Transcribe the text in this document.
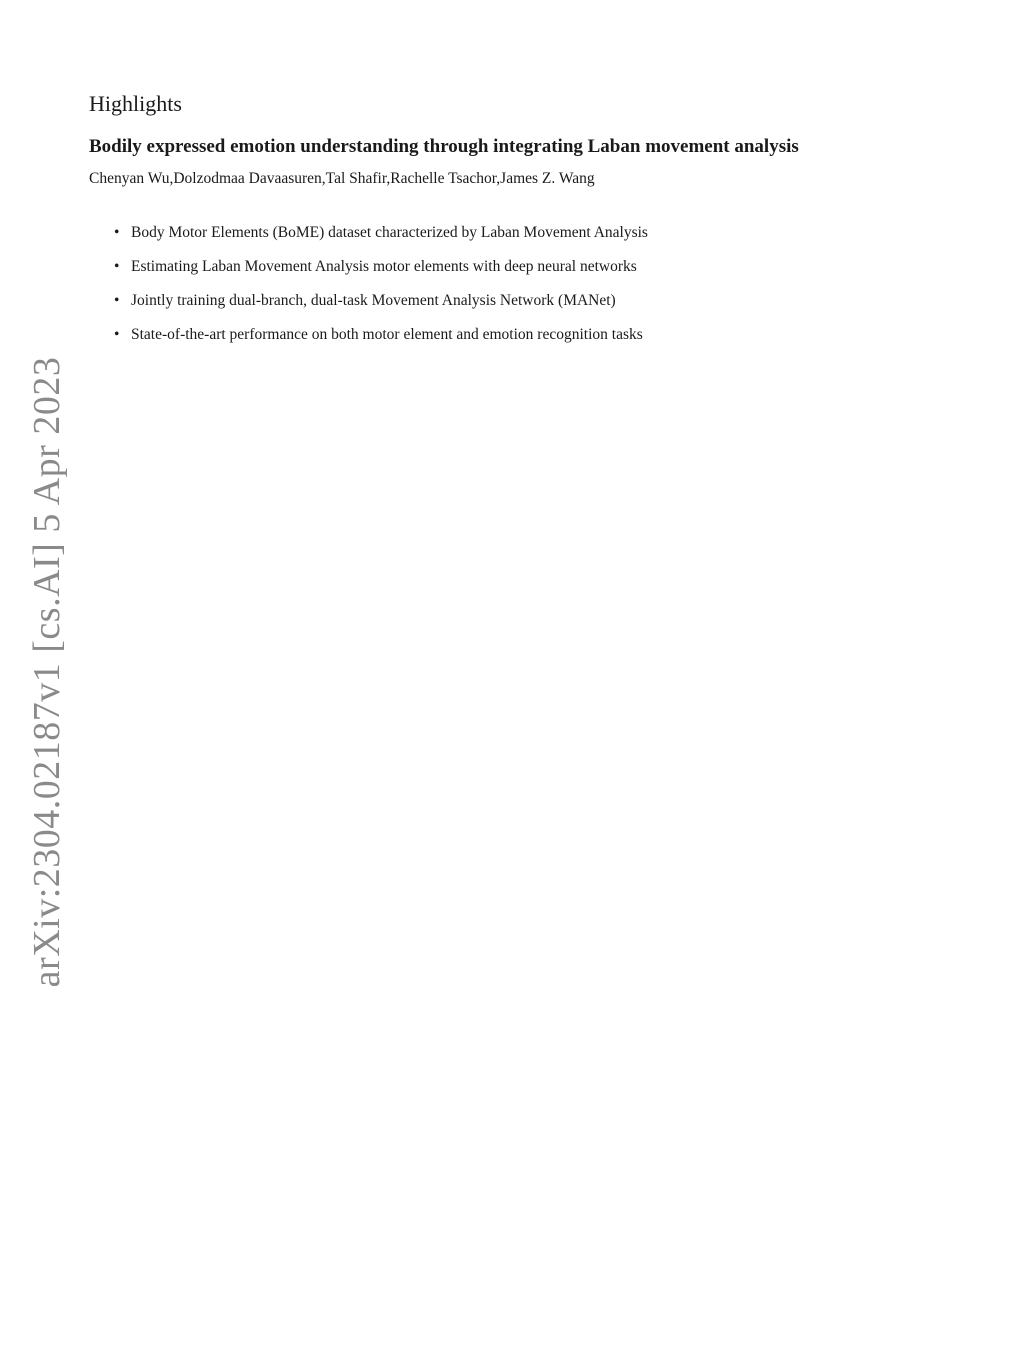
Highlights
Bodily expressed emotion understanding through integrating Laban movement analysis
Chenyan Wu,Dolzodmaa Davaasuren,Tal Shafir,Rachelle Tsachor,James Z. Wang
• Body Motor Elements (BoME) dataset characterized by Laban Movement Analysis
• Estimating Laban Movement Analysis motor elements with deep neural networks
• Jointly training dual-branch, dual-task Movement Analysis Network (MANet)
• State-of-the-art performance on both motor element and emotion recognition tasks
arXiv:2304.02187v1 [cs.AI] 5 Apr 2023
